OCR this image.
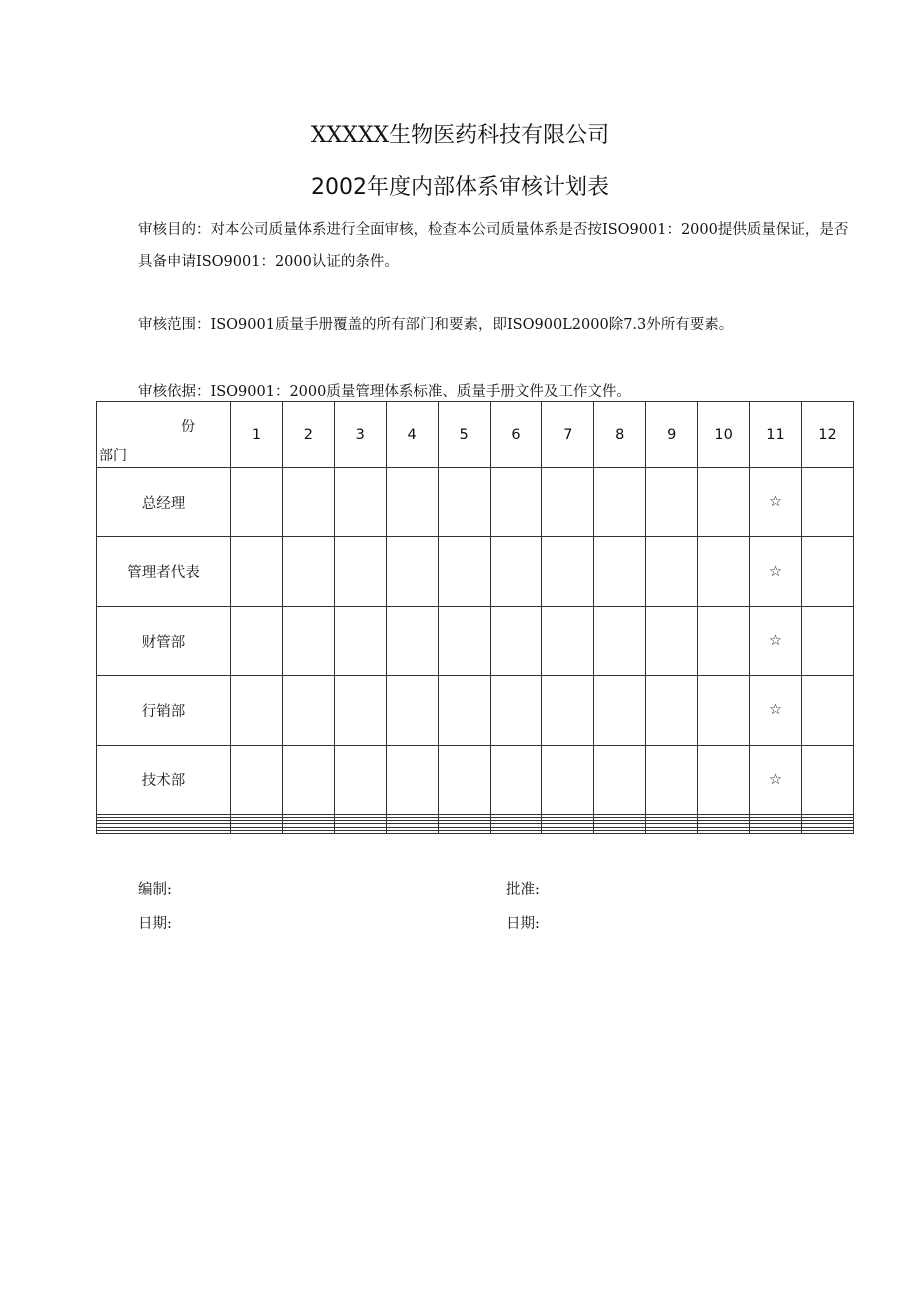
XXXXX生物医药科技有限公司
2002年度内部体系审核计划表
审核目的：对本公司质量体系进行全面审核，检查本公司质量体系是否按ISO9001：2000提供质量保证，是否具备申请ISO9001：2000认证的条件。
审核范围：ISO9001质量手册覆盖的所有部门和要素，即ISO900L2000除7.3外所有要素。
审核依据：ISO9001：2000质量管理体系标准、质量手册文件及工作文件。
份
部门	1	2	3	4	5	6	7	8	9	10	11	12
总经理											☆	
管理者代表											☆	
财管部											☆	
行销部											☆	
技术部											☆	

编制:	批准:
日期:	日期:
